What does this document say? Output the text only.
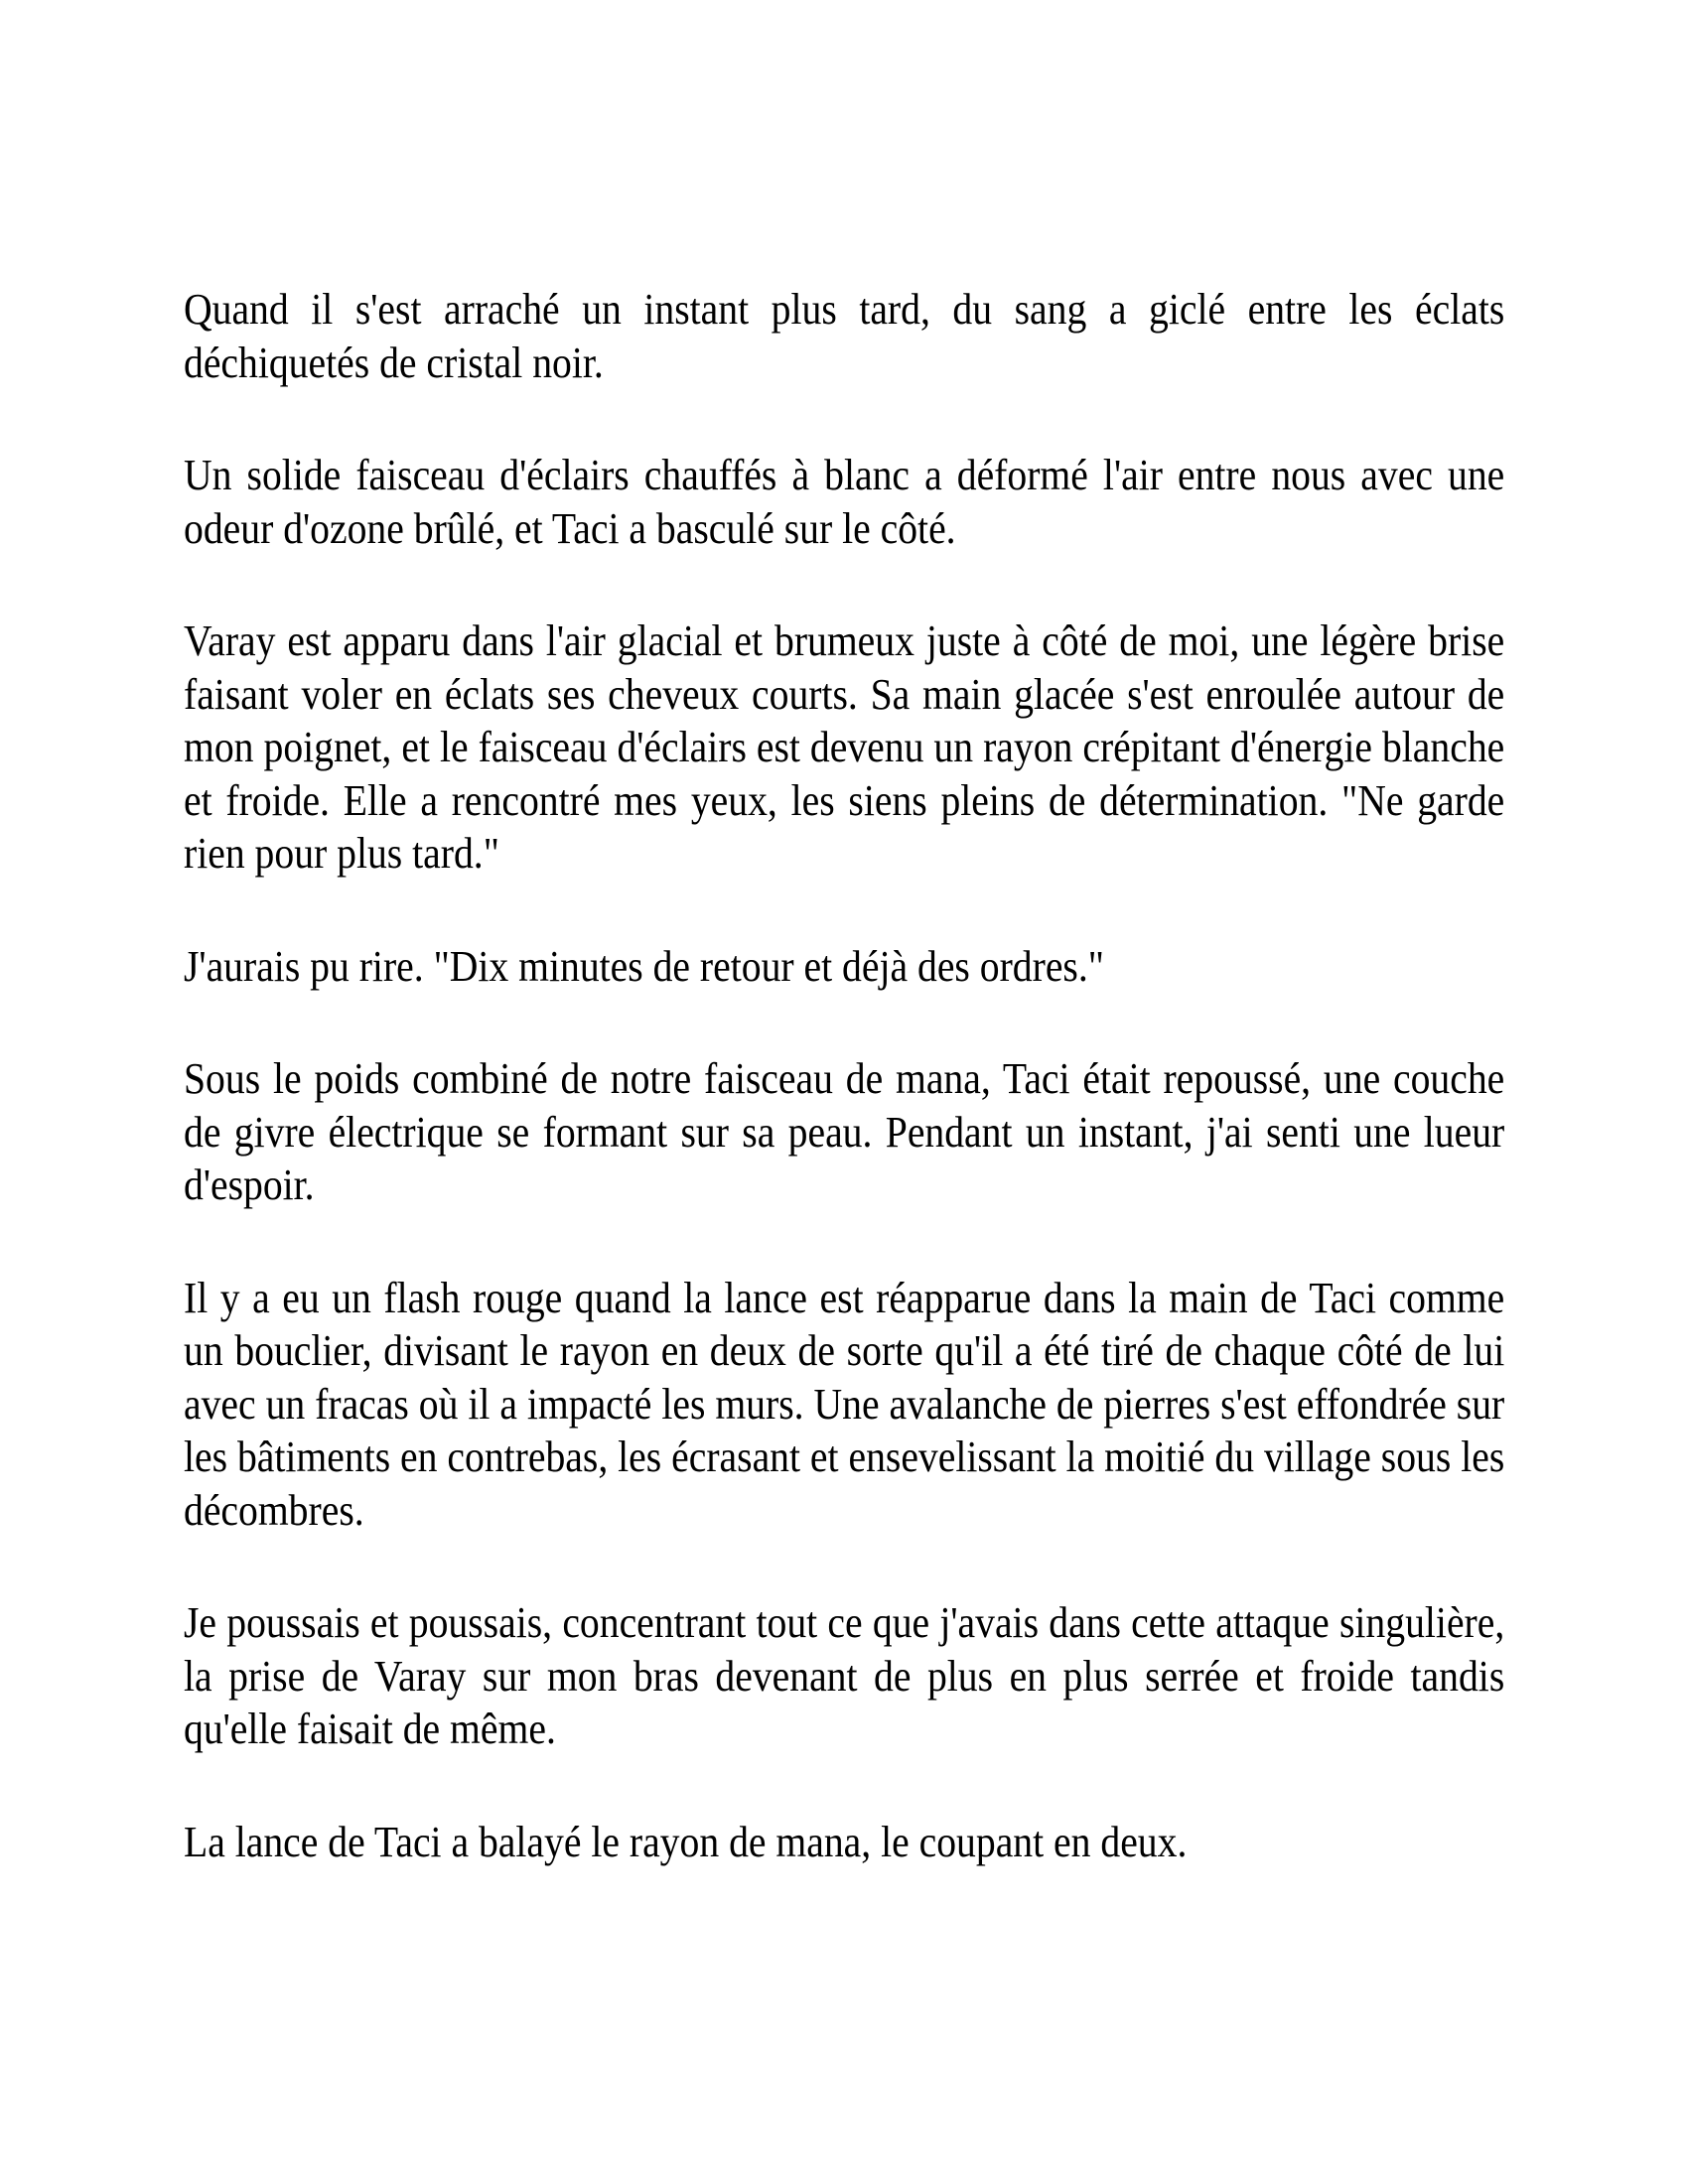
Quand il s'est arraché un instant plus tard, du sang a giclé entre les éclats déchiquetés de cristal noir.

Un solide faisceau d'éclairs chauffés à blanc a déformé l'air entre nous avec une odeur d'ozone brûlé, et Taci a basculé sur le côté.

Varay est apparu dans l'air glacial et brumeux juste à côté de moi, une légère brise faisant voler en éclats ses cheveux courts. Sa main glacée s'est enroulée autour de mon poignet, et le faisceau d'éclairs est devenu un rayon crépitant d'énergie blanche et froide. Elle a rencontré mes yeux, les siens pleins de détermination. "Ne garde rien pour plus tard."

J'aurais pu rire. "Dix minutes de retour et déjà des ordres."

Sous le poids combiné de notre faisceau de mana, Taci était repoussé, une couche de givre électrique se formant sur sa peau. Pendant un instant, j'ai senti une lueur d'espoir.

Il y a eu un flash rouge quand la lance est réapparue dans la main de Taci comme un bouclier, divisant le rayon en deux de sorte qu'il a été tiré de chaque côté de lui avec un fracas où il a impacté les murs. Une avalanche de pierres s'est effondrée sur les bâtiments en contrebas, les écrasant et ensevelissant la moitié du village sous les décombres.

Je poussais et poussais, concentrant tout ce que j'avais dans cette attaque singulière, la prise de Varay sur mon bras devenant de plus en plus serrée et froide tandis qu'elle faisait de même.

La lance de Taci a balayé le rayon de mana, le coupant en deux.
